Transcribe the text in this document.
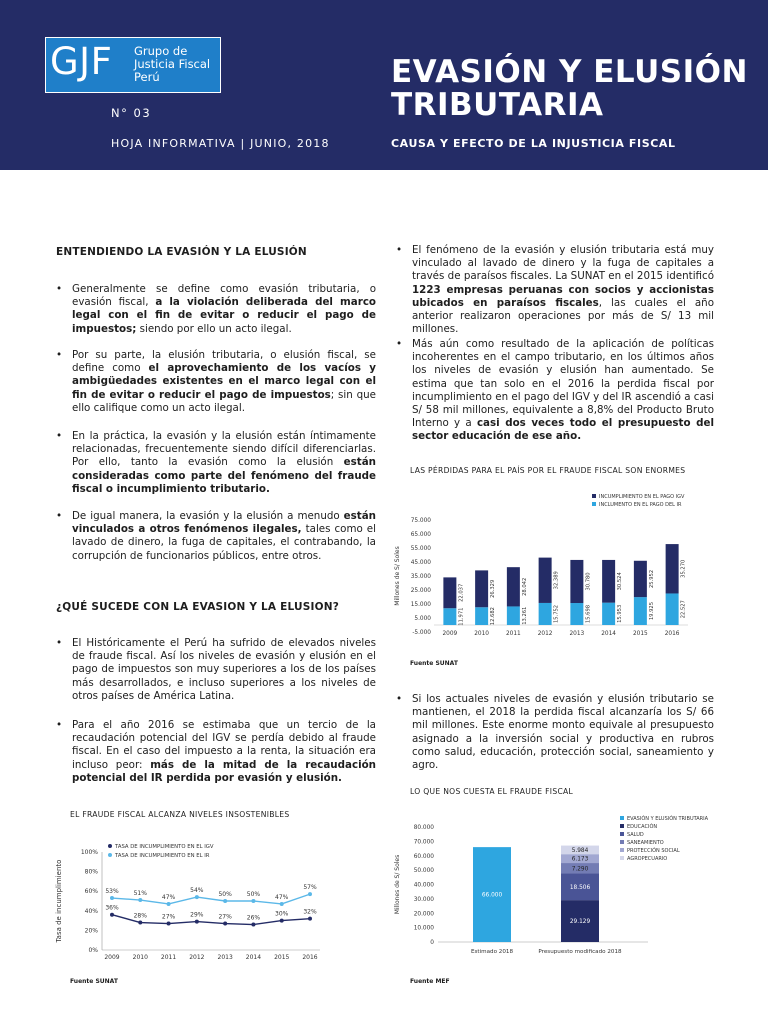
GJF Grupo de
Justicia Fiscal
Perú
N° 03
HOJA INFORMATIVA | JUNIO, 2018
EVASIÓN Y ELUSIÓN
TRIBUTARIA
CAUSA Y EFECTO DE LA INJUSTICIA FISCAL
ENTENDIENDO LA EVASIÓN Y LA ELUSIÓN
• Generalmente se define como evasión tributaria, o evasión fiscal, a la violación deliberada del marco legal con el fin de evitar o reducir el pago de impuestos; siendo por ello un acto ilegal.
• Por su parte, la elusión tributaria, o elusión fiscal, se define como el aprovechamiento de los vacíos y ambigüedades existentes en el marco legal con el fin de evitar o reducir el pago de impuestos; sin que ello califique como un acto ilegal.
• En la práctica, la evasión y la elusión están íntimamente relacionadas, frecuentemente siendo difícil diferenciarlas. Por ello, tanto la evasión como la elusión están consideradas como parte del fenómeno del fraude fiscal o incumplimiento tributario.
• De igual manera, la evasión y la elusión a menudo están vinculados a otros fenómenos ilegales, tales como el lavado de dinero, la fuga de capitales, el contrabando, la corrupción de funcionarios públicos, entre otros.
¿QUÉ SUCEDE CON LA EVASION Y LA ELUSION?
• El Históricamente el Perú ha sufrido de elevados niveles de fraude fiscal. Así los niveles de evasión y elusión en el pago de impuestos son muy superiores a los de los países más desarrollados, e incluso superiores a los niveles de otros países de América Latina.
• Para el año 2016 se estimaba que un tercio de la recaudación potencial del IGV se perdía debido al fraude fiscal. En el caso del impuesto a la renta, la situación era incluso peor: más de la mitad de la recaudación potencial del IR perdida por evasión y elusión.
EL FRAUDE FISCAL ALCANZA NIVELES INSOSTENIBLES
0%
20%
40%
60%
80%
100%
2009 2010 2011 2012 2013 2014 2015 2016
Tasa de incumplimiento	36%
28% 27% 29% 27% 26%
30% 32%
TASA DE INCUMPLIMIENTO EN EL IGV
53% 51%
47%
54%
50% 50% 47%
57%
TASA DE INCUMPLIMIENTO EN EL IR
Fuente SUNAT
• El fenómeno de la evasión y elusión tributaria está muy vinculado al lavado de dinero y la fuga de capitales a través de paraísos fiscales. La SUNAT en el 2015 identificó 1223 empresas peruanas con socios y accionistas ubicados en paraísos fiscales, las cuales el año anterior realizaron operaciones por más de S/ 13 mil millones.
• Más aún como resultado de la aplicación de políticas incoherentes en el campo tributario, en los últimos años los niveles de evasión y elusión han aumentado. Se estima que tan solo en el 2016 la perdida fiscal por incumplimiento en el pago del IGV y del IR ascendió a casi S/ 58 mil millones, equivalente a 8,8% del Producto Bruto Interno y a casi dos veces todo el presupuesto del sector educación de ese año.
LAS PÉRDIDAS PARA EL PAÍS POR EL FRAUDE FISCAL SON ENORMES
-5.000
5.000
15.000
25.000
35.000
45.000
55.000
65.000
75.000
Millones de S/ Soles
11.971
22.037
2009
12.682
26.329
2010
13.261
28.042
2011
15.752
32.389
2012
15.698
30.780
2013
15.953
30.524
2014
19.925
25.952
2015
22.527
35.270
2016
INCUMPLIMIENTO EN EL PAGO IGV
INCLUMENTO EN EL PAGO DEL IR
Fuente SUNAT
• Si los actuales niveles de evasión y elusión tributario se mantienen, el 2018 la perdida fiscal alcanzaría los S/ 66 mil millones. Este enorme monto equivale al presupuesto asignado a la inversión social y productiva en rubros como salud, educación, protección social, saneamiento y agro.
LO QUE NOS CUESTA EL FRAUDE FISCAL
0
10.000
20.000
30.000
40.000
50.000
60.000
70.000
80.000
Millones de S/ Soles	66.000
Estimado 2018
29.129
18.506
7.290
6.173
5.984
Presupuesto modificado 2018
EVASIÓN Y ELUSIÓN TRIBUTARIA
EDUCACIÓN
SALUD
SANEAMIENTO
PROTECCIÓN SOCIAL
AGROPECUARIO
Fuente MEF
